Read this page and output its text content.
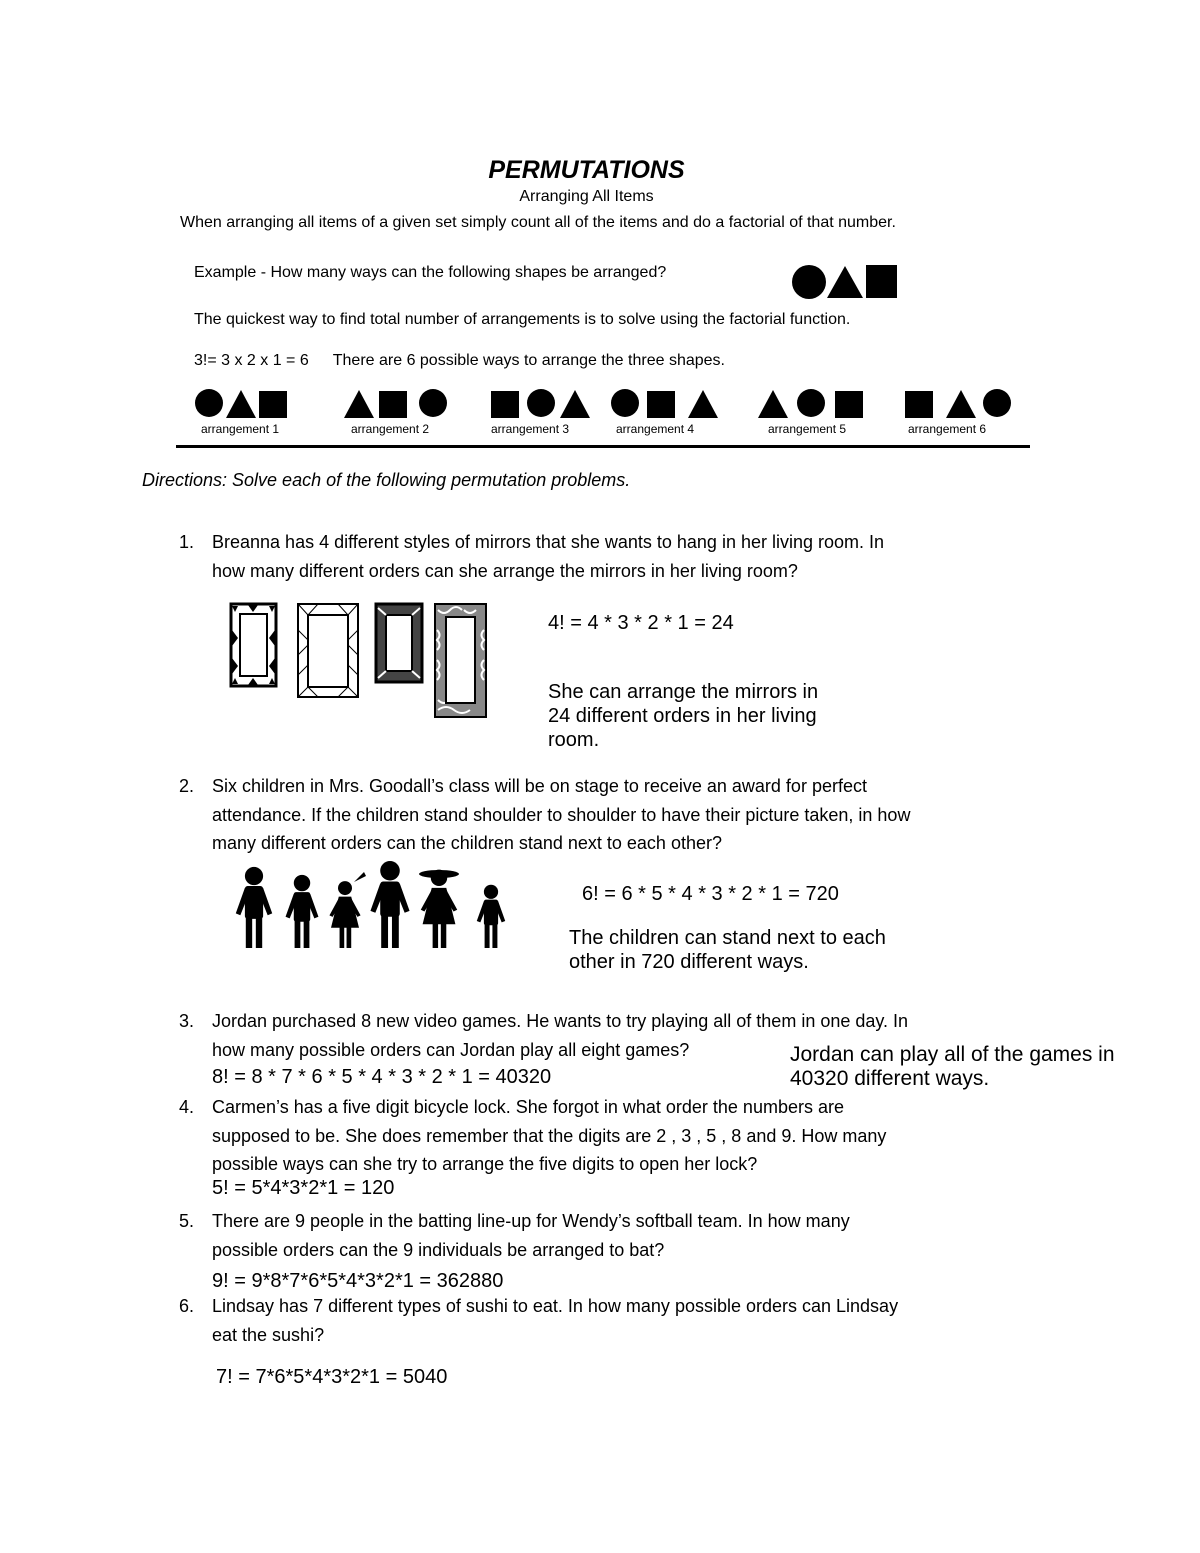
PERMUTATIONS
Arranging All Items
When arranging all items of a given set simply count all of the items and do a factorial of that number.
Example - How many ways can the following shapes be arranged?
The quickest way to find total number of arrangements is to solve using the factorial function.
3!= 3 x 2 x 1 = 6 There are 6 possible ways to arrange the three shapes.
arrangement 1	arrangement 2	arrangement 3	arrangement 4	arrangement 5	arrangement 6
Directions: Solve each of the following permutation problems.
1. Breanna has 4 different styles of mirrors that she wants to hang in her living room. In
how many different orders can she arrange the mirrors in her living room?
4! = 4 * 3 * 2 * 1 = 24
She can arrange the mirrors in
24 different orders in her living
room.
2. Six children in Mrs. Goodall’s class will be on stage to receive an award for perfect
attendance. If the children stand shoulder to shoulder to have their picture taken, in how
many different orders can the children stand next to each other?
6! = 6 * 5 * 4 * 3 * 2 * 1 = 720
The children can stand next to each
other in 720 different ways.
3. Jordan purchased 8 new video games. He wants to try playing all of them in one day. In
how many possible orders can Jordan play all eight games?
8! = 8 * 7 * 6 * 5 * 4 * 3 * 2 * 1 = 40320
Jordan can play all of the games in
40320 different ways.
4. Carmen’s has a five digit bicycle lock. She forgot in what order the numbers are
supposed to be. She does remember that the digits are 2 , 3 , 5 , 8 and 9. How many
possible ways can she try to arrange the five digits to open her lock?
5! = 5*4*3*2*1 = 120
5. There are 9 people in the batting line-up for Wendy’s softball team. In how many
possible orders can the 9 individuals be arranged to bat?
9! = 9*8*7*6*5*4*3*2*1 = 362880
6. Lindsay has 7 different types of sushi to eat. In how many possible orders can Lindsay
eat the sushi?
7! = 7*6*5*4*3*2*1 = 5040
